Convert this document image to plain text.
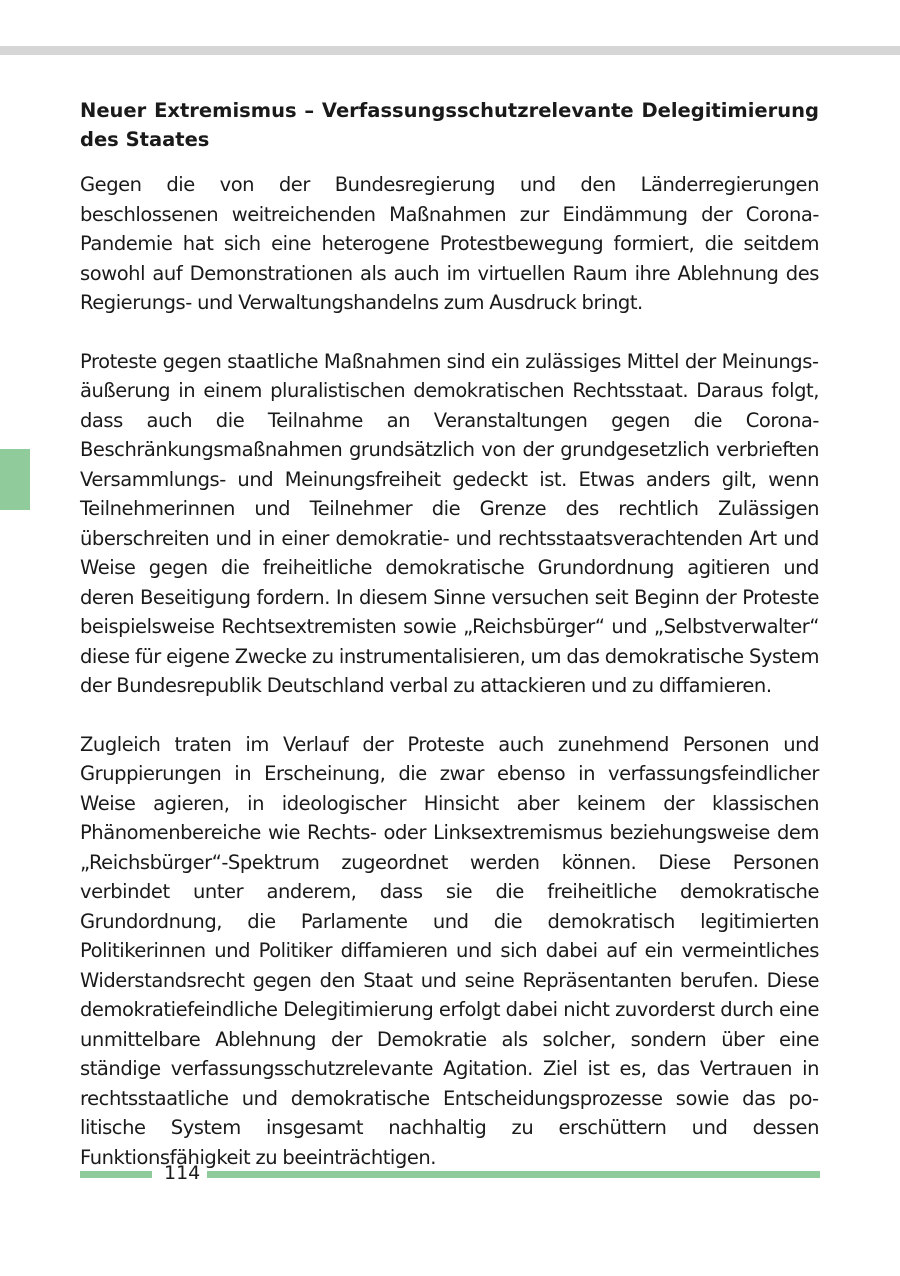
Neuer Extremismus – Verfassungsschutzrelevante Delegitimierung des Staates

Gegen die von der Bundesregierung und den Länderregierungen beschlossenen weitreichenden Maßnahmen zur Eindämmung der Corona-Pandemie hat sich eine heterogene Protestbewegung formiert, die seitdem sowohl auf Demonstrationen als auch im virtuellen Raum ihre Ablehnung des Regierungs- und Verwaltungshandelns zum Ausdruck bringt.

Proteste gegen staatliche Maßnahmen sind ein zulässiges Mittel der Meinungsäußerung in einem pluralistischen demokratischen Rechtsstaat. Daraus folgt, dass auch die Teilnahme an Veranstaltungen gegen die Corona-Beschränkungsmaßnahmen grundsätzlich von der grundgesetzlich verbrieften Versammlungs- und Meinungsfreiheit gedeckt ist. Etwas anders gilt, wenn Teilnehmerinnen und Teilnehmer die Grenze des rechtlich Zulässigen überschreiten und in einer demokratie- und rechtsstaatsverachtenden Art und Weise gegen die freiheitliche demokratische Grundordnung agitieren und deren Beseitigung fordern. In diesem Sinne versuchen seit Beginn der Proteste beispielsweise Rechtsextremisten sowie „Reichsbürger“ und „Selbstverwalter“ diese für eigene Zwecke zu instrumentalisieren, um das demokratische System der Bundesrepublik Deutschland verbal zu attackieren und zu diffamieren.

Zugleich traten im Verlauf der Proteste auch zunehmend Personen und Gruppierungen in Erscheinung, die zwar ebenso in verfassungsfeindlicher Weise agieren, in ideologischer Hinsicht aber keinem der klassischen Phänomenbereiche wie Rechts- oder Linksextremismus beziehungsweise dem „Reichsbürger“-Spektrum zugeordnet werden können. Diese Personen verbindet unter anderem, dass sie die freiheitliche demokratische Grundordnung, die Parlamente und die demokratisch legitimierten Politikerinnen und Politiker diffamieren und sich dabei auf ein vermeintliches Widerstandsrecht gegen den Staat und seine Repräsentanten berufen. Diese demokratiefeindliche Delegitimierung erfolgt dabei nicht zuvorderst durch eine unmittelbare Ablehnung der Demokratie als solcher, sondern über eine ständige verfassungsschutzrelevante Agitation. Ziel ist es, das Vertrauen in rechtsstaatliche und demokratische Entscheidungsprozesse sowie das politische System insgesamt nachhaltig zu erschüttern und dessen Funktionsfähigkeit zu beeinträchtigen.

114
